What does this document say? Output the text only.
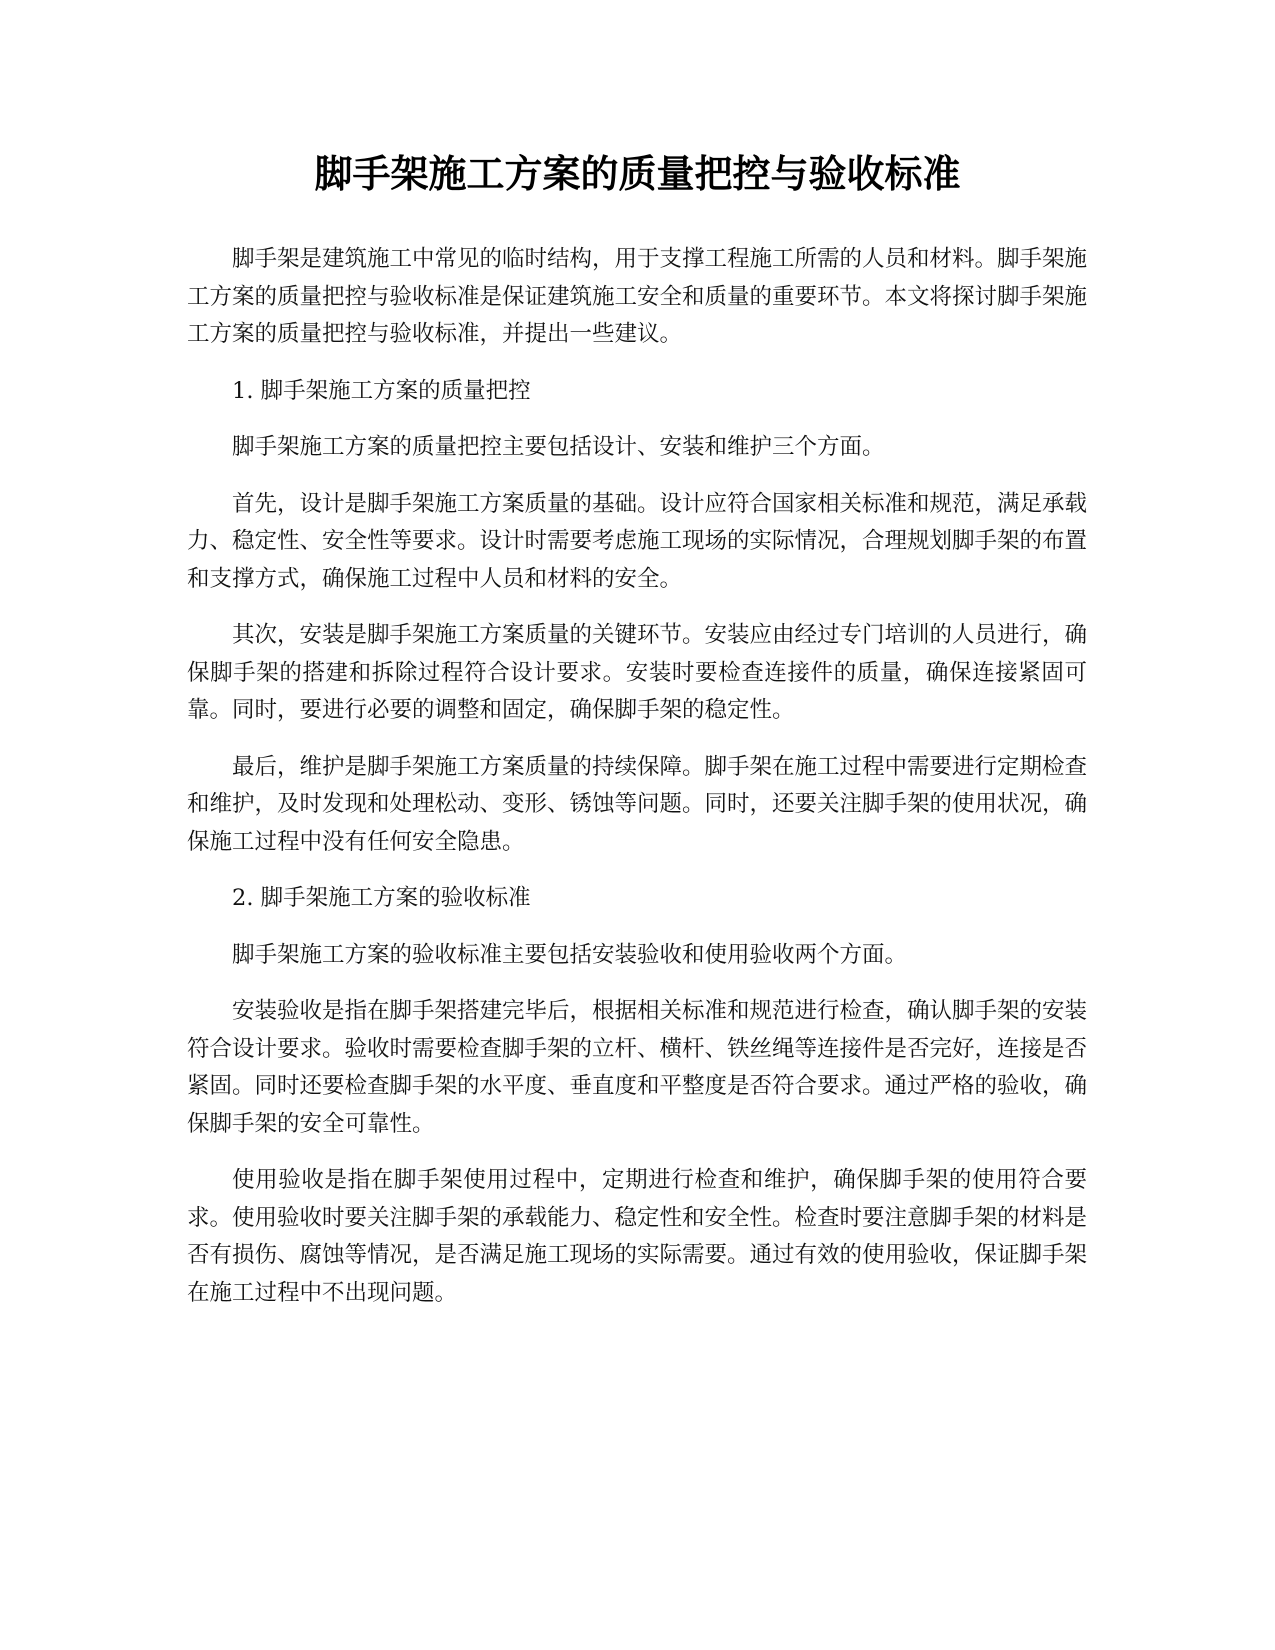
脚手架施工方案的质量把控与验收标准

脚手架是建筑施工中常见的临时结构，用于支撑工程施工所需的人员和材料。脚手架施工方案的质量把控与验收标准是保证建筑施工安全和质量的重要环节。本文将探讨脚手架施工方案的质量把控与验收标准，并提出一些建议。

1. 脚手架施工方案的质量把控

脚手架施工方案的质量把控主要包括设计、安装和维护三个方面。

首先，设计是脚手架施工方案质量的基础。设计应符合国家相关标准和规范，满足承载力、稳定性、安全性等要求。设计时需要考虑施工现场的实际情况，合理规划脚手架的布置和支撑方式，确保施工过程中人员和材料的安全。

其次，安装是脚手架施工方案质量的关键环节。安装应由经过专门培训的人员进行，确保脚手架的搭建和拆除过程符合设计要求。安装时要检查连接件的质量，确保连接紧固可靠。同时，要进行必要的调整和固定，确保脚手架的稳定性。

最后，维护是脚手架施工方案质量的持续保障。脚手架在施工过程中需要进行定期检查和维护，及时发现和处理松动、变形、锈蚀等问题。同时，还要关注脚手架的使用状况，确保施工过程中没有任何安全隐患。

2. 脚手架施工方案的验收标准

脚手架施工方案的验收标准主要包括安装验收和使用验收两个方面。

安装验收是指在脚手架搭建完毕后，根据相关标准和规范进行检查，确认脚手架的安装符合设计要求。验收时需要检查脚手架的立杆、横杆、铁丝绳等连接件是否完好，连接是否紧固。同时还要检查脚手架的水平度、垂直度和平整度是否符合要求。通过严格的验收，确保脚手架的安全可靠性。

使用验收是指在脚手架使用过程中，定期进行检查和维护，确保脚手架的使用符合要求。使用验收时要关注脚手架的承载能力、稳定性和安全性。检查时要注意脚手架的材料是否有损伤、腐蚀等情况，是否满足施工现场的实际需要。通过有效的使用验收，保证脚手架在施工过程中不出现问题。
